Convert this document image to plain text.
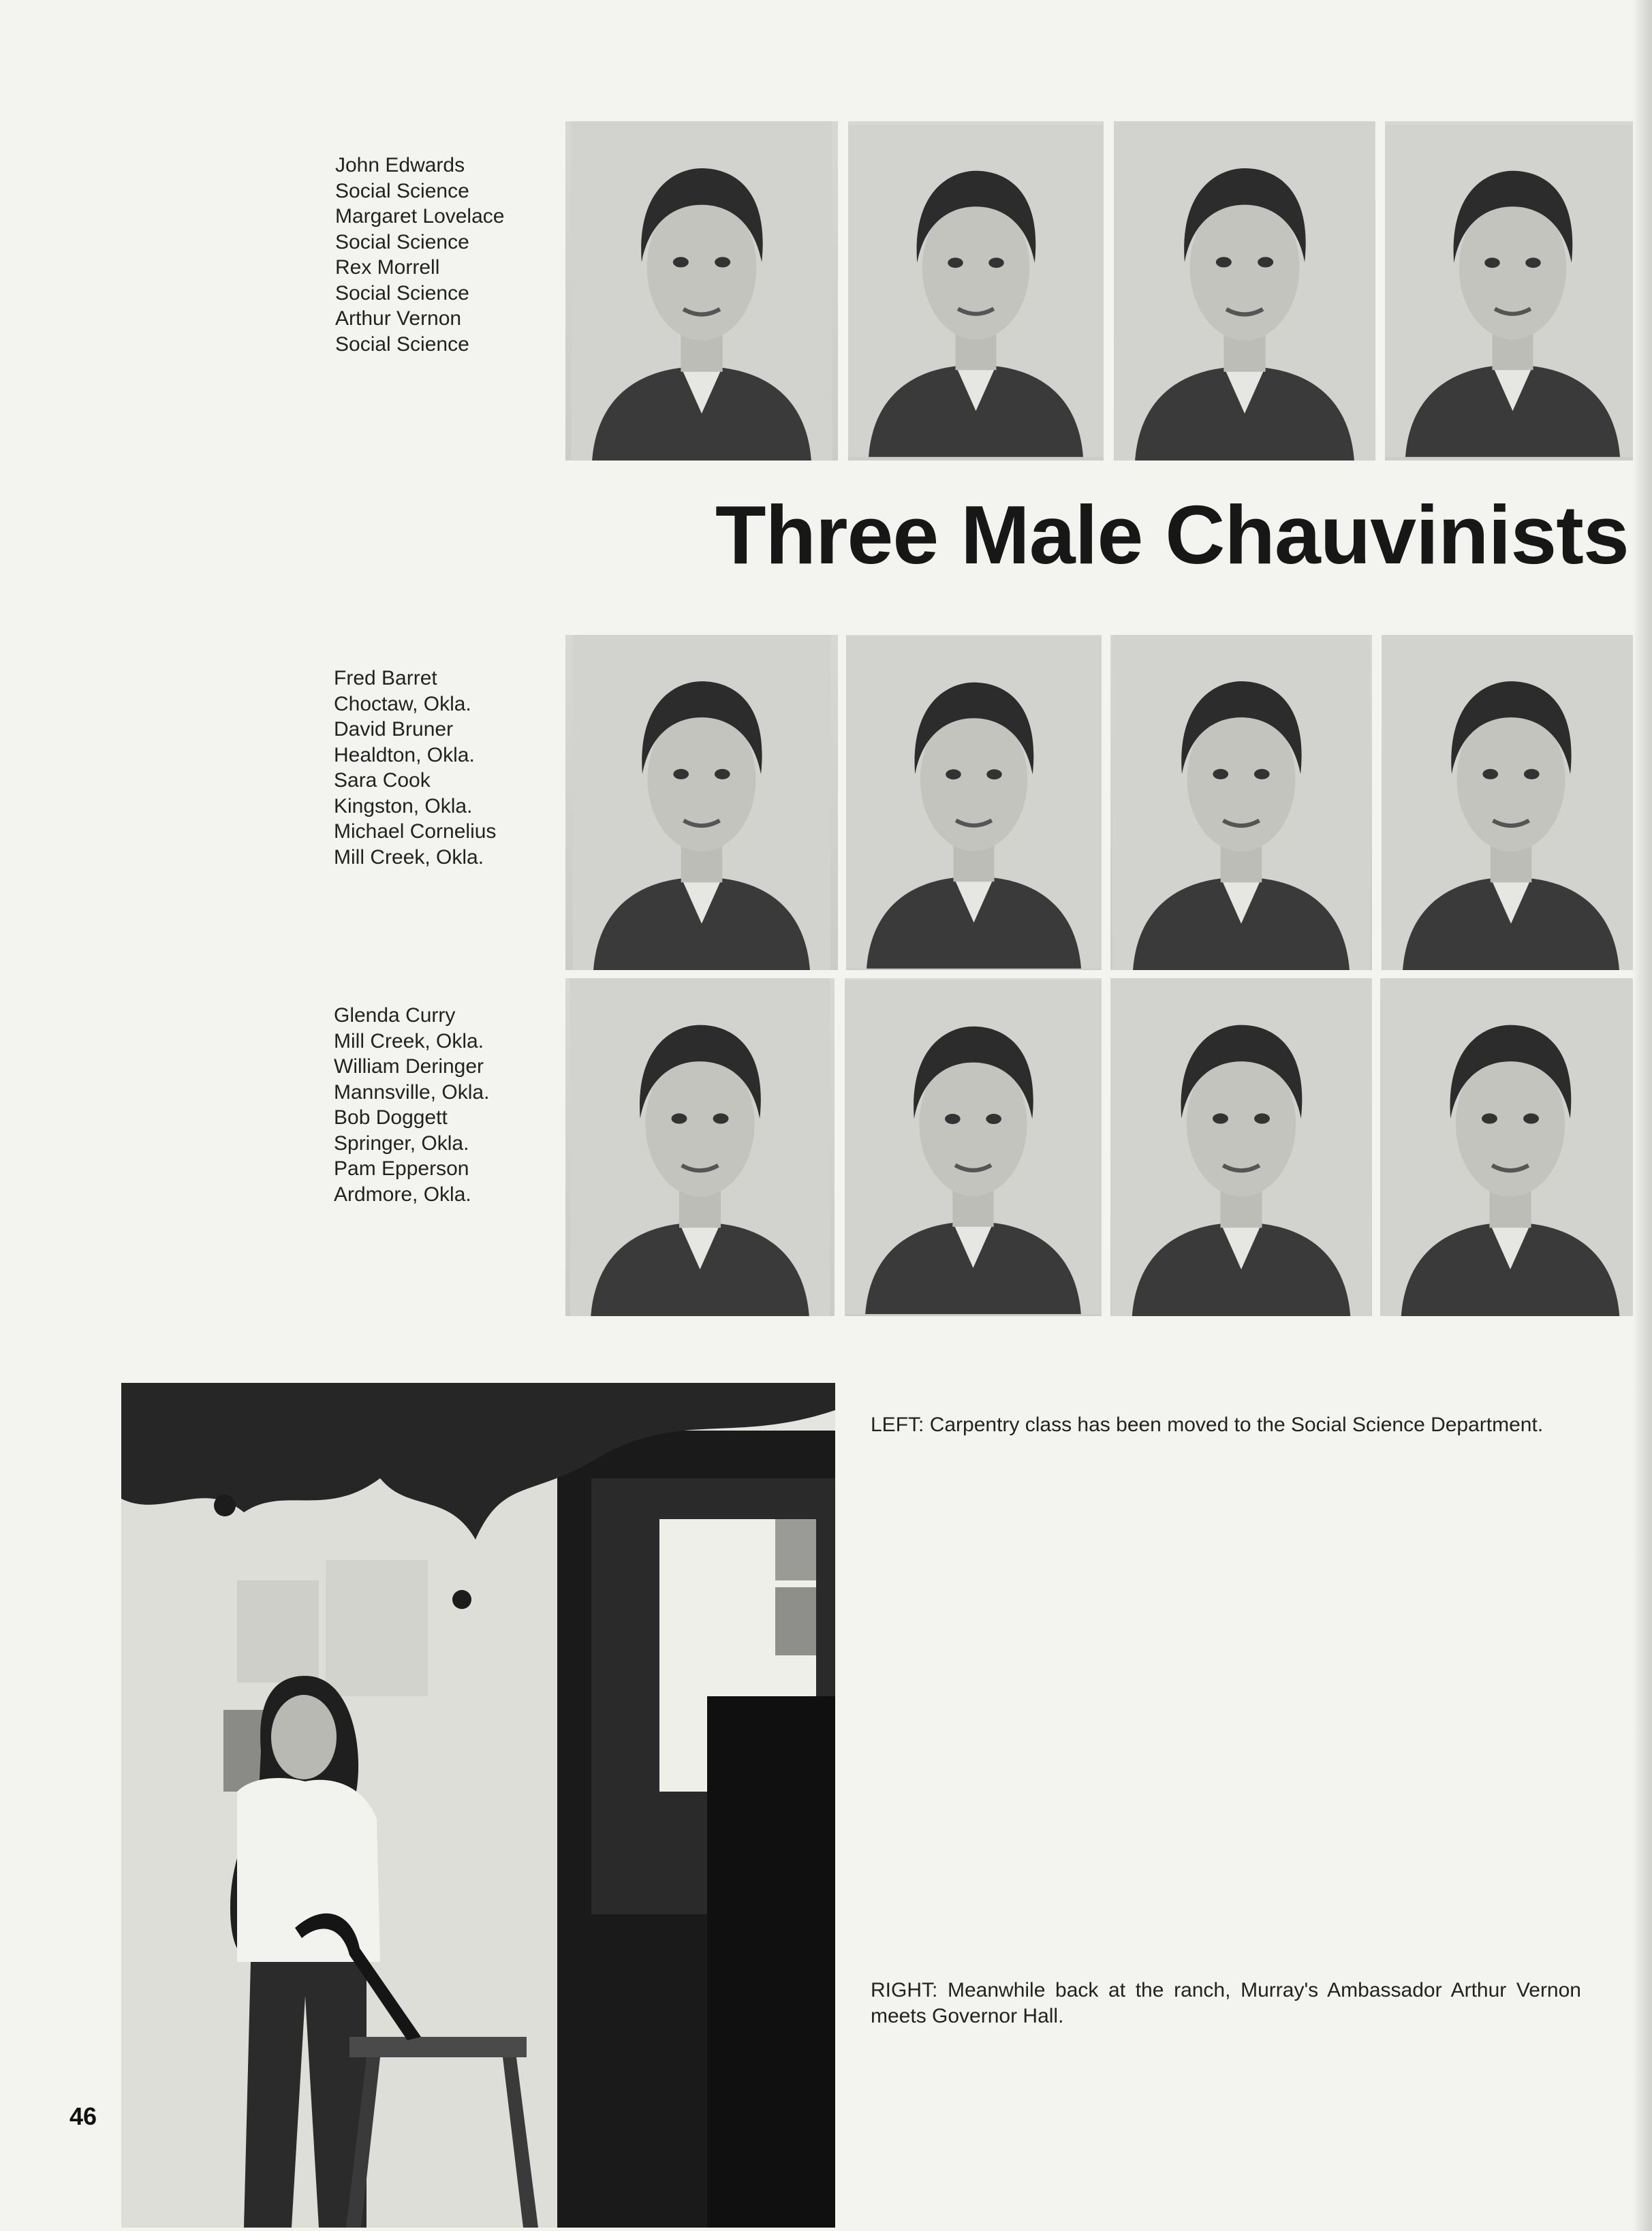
John Edwards
Social Science
Margaret Lovelace
Social Science
Rex Morrell
Social Science
Arthur Vernon
Social Science
Three Male Chauvinists
Fred Barret
Choctaw, Okla.
David Bruner
Healdton, Okla.
Sara Cook
Kingston, Okla.
Michael Cornelius
Mill Creek, Okla.
Glenda Curry
Mill Creek, Okla.
William Deringer
Mannsville, Okla.
Bob Doggett
Springer, Okla.
Pam Epperson
Ardmore, Okla.

LEFT: Carpentry class has been moved to the Social Science Department.

RIGHT: Meanwhile back at the ranch, Murray's Ambassador Arthur Vernon meets Governor Hall.

46
